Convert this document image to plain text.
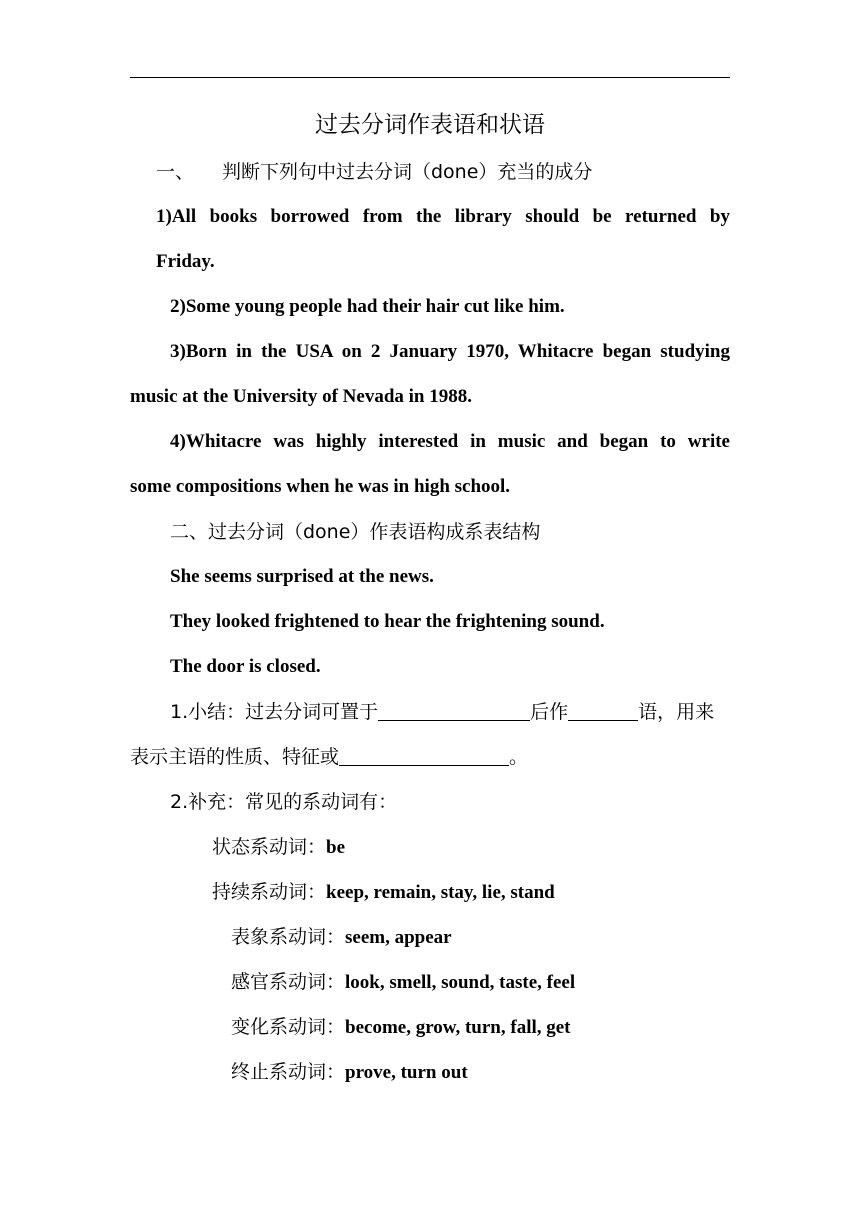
过去分词作表语和状语
一、 判断下列句中过去分词（done）充当的成分
1)All books borrowed from the library should be returned by
Friday.
2)Some young people had their hair cut like him.
3)Born in the USA on 2 January 1970, Whitacre began studying
music at the University of Nevada in 1988.
4)Whitacre was highly interested in music and began to write
some compositions when he was in high school.
二、过去分词（done）作表语构成系表结构
She seems surprised at the news.
They looked frightened to hear the frightening sound.
The door is closed.
1.小结：过去分词可置于	后作	语，用来
表示主语的性质、特征或	。
2.补充：常见的系动词有：
状态系动词：be
持续系动词：keep, remain, stay, lie, stand
表象系动词：seem, appear
感官系动词：look, smell, sound, taste, feel
变化系动词：become, grow, turn, fall, get
终止系动词：prove, turn out
